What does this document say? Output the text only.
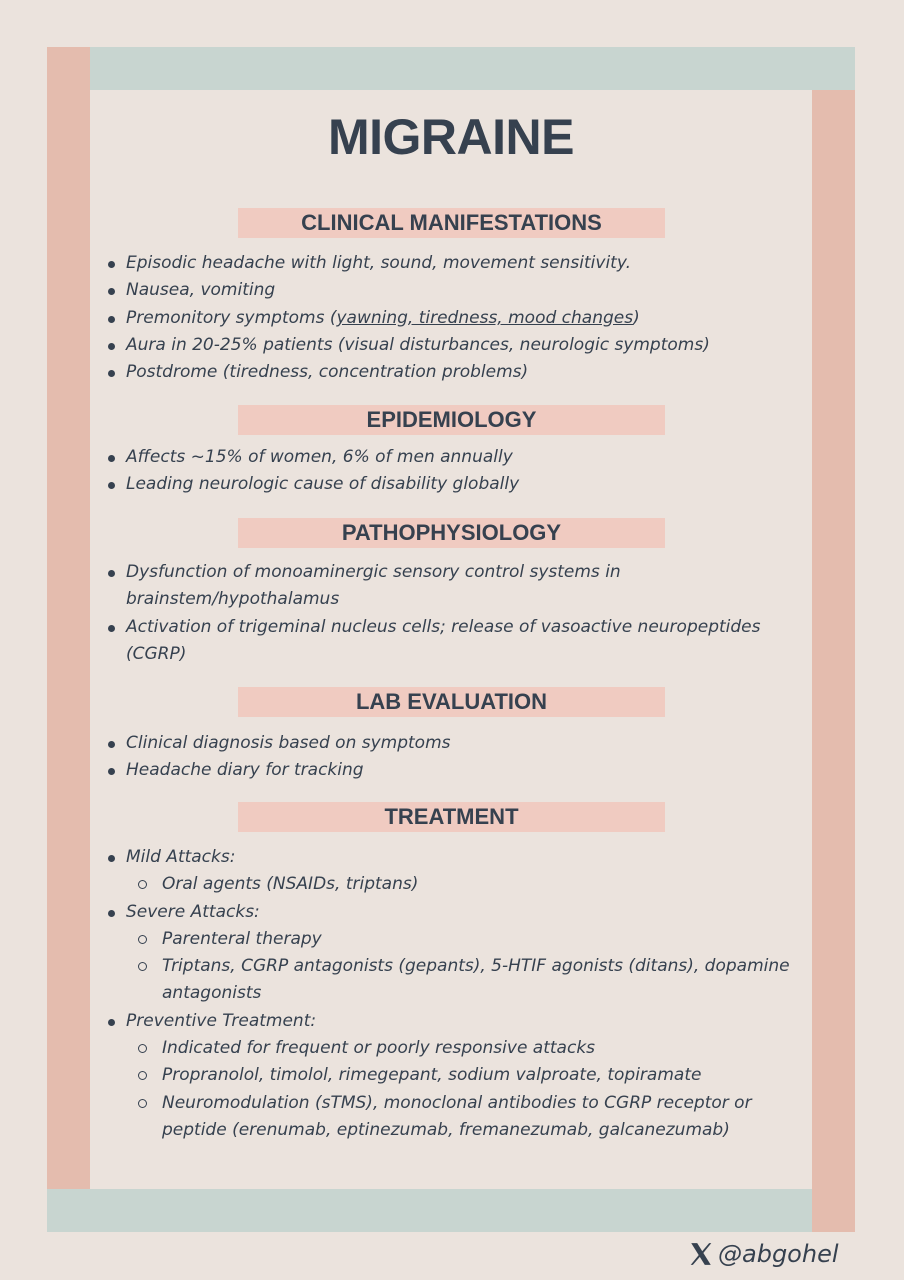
MIGRAINE
CLINICAL MANIFESTATIONS
Episodic headache with light, sound, movement sensitivity.
Nausea, vomiting
Premonitory symptoms (yawning, tiredness, mood changes)
Aura in 20-25% patients (visual disturbances, neurologic symptoms)
Postdrome (tiredness, concentration problems)
EPIDEMIOLOGY
Affects ~15% of women, 6% of men annually
Leading neurologic cause of disability globally
PATHOPHYSIOLOGY
Dysfunction of monoaminergic sensory control systems in brainstem/hypothalamus
Activation of trigeminal nucleus cells; release of vasoactive neuropeptides (CGRP)
LAB EVALUATION
Clinical diagnosis based on symptoms
Headache diary for tracking
TREATMENT
Mild Attacks:
Oral agents (NSAIDs, triptans)
Severe Attacks:
Parenteral therapy
Triptans, CGRP antagonists (gepants), 5-HTIF agonists (ditans), dopamine antagonists
Preventive Treatment:
Indicated for frequent or poorly responsive attacks
Propranolol, timolol, rimegepant, sodium valproate, topiramate
Neuromodulation (sTMS), monoclonal antibodies to CGRP receptor or peptide (erenumab, eptinezumab, fremanezumab, galcanezumab)
@abgohel
